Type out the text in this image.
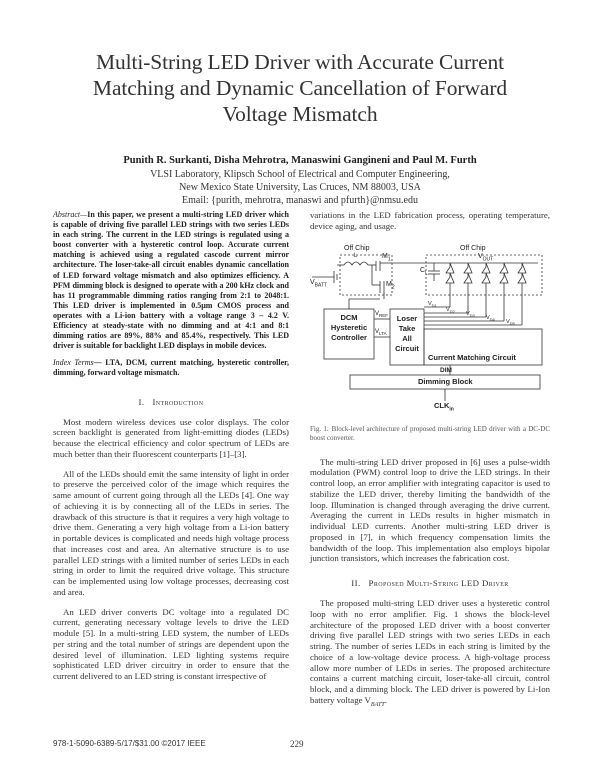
Multi-String LED Driver with Accurate Current
Matching and Dynamic Cancellation of Forward
Voltage Mismatch
Punith R. Surkanti, Disha Mehrotra, Manaswini Gangineni and Paul M. Furth
VLSI Laboratory, Klipsch School of Electrical and Computer Engineering,
New Mexico State University, Las Cruces, NM 88003, USA
Email: {purith, mehrotra, manaswi and pfurth}@nmsu.edu
Abstract—In this paper, we present a multi-string LED driver which is capable of driving five parallel LED strings with two series LEDs in each string. The current in the LED strings is regulated using a boost converter with a hysteretic control loop. Accurate current matching is achieved using a regulated cascode current mirror architecture. The loser-take-all circuit enables dynamic cancellation of LED forward voltage mismatch and also optimizes efficiency. A PFM dimming block is designed to operate with a 200 kHz clock and has 11 programmable dimming ratios ranging from 2:1 to 2048:1. This LED driver is implemented in 0.5μm CMOS process and operates with a Li-ion battery with a voltage range 3 – 4.2 V. Efficiency at steady-state with no dimming and at 4:1 and 8:1 dimming ratios are 89%, 88% and 85.4%, respectively. This LED driver is suitable for backlight LED displays in mobile devices.
Index Terms— LTA, DCM, current matching, hysteretic controller, dimming, forward voltage mismatch.
I. Introduction

Most modern wireless devices use color displays. The color screen backlight is generated from light-emitting diodes (LEDs) because the electrical efficiency and color spectrum of LEDs are much better than their fluorescent counterparts [1]–[3].

All of the LEDs should emit the same intensity of light in order to preserve the perceived color of the image which requires the same amount of current going through all the LEDs [4]. One way of achieving it is by connecting all of the LEDs in series. The drawback of this structure is that it requires a very high voltage to drive them. Generating a very high voltage from a Li-ion battery in portable devices is complicated and needs high voltage process that increases cost and area. An alternative structure is to use parallel LED strings with a limited number of series LEDs in each string in order to limit the required drive voltage. This structure can be implemented using low voltage processes, decreasing cost and area.

An LED driver converts DC voltage into a regulated DC current, generating necessary voltage levels to drive the LED module [5]. In a multi-string LED system, the number of LEDs per string and the total number of strings are dependent upon the desired level of illumination. LED lighting systems require sophisticated LED driver circuitry in order to ensure that the current delivered to an LED string is constant irrespective of

variations in the LED fabrication process, operating temperature, device aging, and usage.

Off Chip	Off Chip
$V_{BATT}$
L	$M_1$
$M_2$
$C_L$
$V_{OUT}$
DCM
Hysteretic
Controller
$V_{REF}$
$V_{LTA}$
Loser
Take
All
Circuit
$V_{D1}$
$V_{D2}$ $V_{D3}$ $V_{D4}$ $V_{D5}$
Current Matching Circuit
DIM
Dimming Block
$CLK_{in}$
Fig. 1. Block-level architecture of proposed multi-string LED driver with a DC-DC boost converter.

The multi-string LED driver proposed in [6] uses a pulse-width modulation (PWM) control loop to drive the LED strings. In their control loop, an error amplifier with integrating capacitor is used to stabilize the LED driver, thereby limiting the bandwidth of the loop. Illumination is changed through averaging the drive current. Averaging the current in LEDs results in higher mismatch in individual LED currents. Another multi-string LED driver is proposed in [7], in which frequency compensation limits the bandwidth of the loop. This implementation also employs bipolar junction transistors, which increases the fabrication cost.

II. Proposed Multi-String LED Driver

The proposed multi-string LED driver uses a hysteretic control loop with no error amplifier. Fig. 1 shows the block-level architecture of the proposed LED driver with a boost converter driving five parallel LED strings with two series LEDs in each string. The number of series LEDs in each string is limited by the choice of a low-voltage device process. A high-voltage process allow more number of LEDs in series. The proposed architecture contains a current matching circuit, loser-take-all circuit, control block, and a dimming block. The LED driver is powered by Li-Ion battery voltage $V_{BATT}$.

978-1-5090-6389-5/17/$31.00 ©2017 IEEE	229
